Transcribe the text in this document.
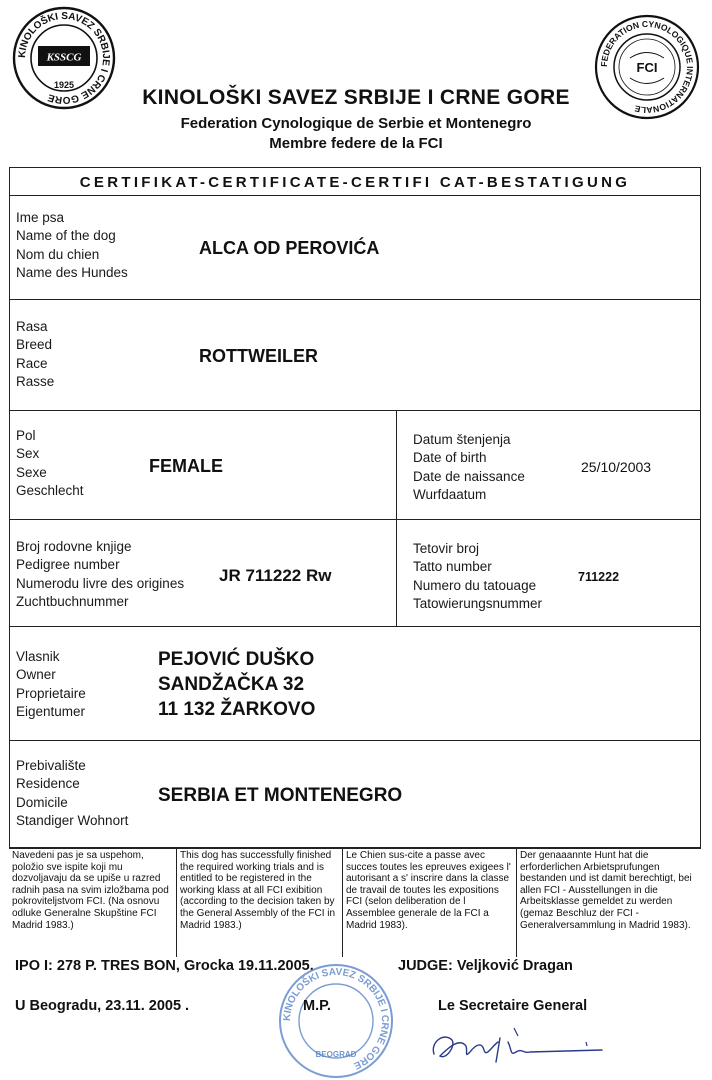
KINOLOŠKI SAVEZ SRBIJE I CRNE GORE
KSSCG
1925
FEDERATION CYNOLOGIQUE INTERNATIONALE
FCI
KINOLOŠKI SAVEZ SRBIJE I CRNE GORE
Federation Cynologique de Serbie et Montenegro
Membre federe de la FCI
CERTIFIKAT-CERTIFICATE-CERTIFI CAT-BESTATIGUNG
Ime psa
Name of the dog
Nom du chien
Name des Hundes
ALCA OD PEROVIĆA
Rasa
Breed
Race
Rasse
ROTTWEILER
Pol
Sex
Sexe
Geschlecht
FEMALE
Datum štenjenja
Date of birth
Date de naissance
Wurfdaatum
25/10/2003
Broj rodovne knjige
Pedigree number
Numerodu livre des origines
Zuchtbuchnummer
JR 711222 Rw
Tetovir broj
Tatto number
Numero du tatouage
Tatowierungsnummer
711222
Vlasnik
Owner
Proprietaire
Eigentumer
PEJOVIĆ DUŠKO
SANDŽAČKA 32
11 132 ŽARKOVO
Prebivalište
Residence
Domicile
Standiger Wohnort
SERBIA ET MONTENEGRO
Navedeni pas je sa uspehom, položio sve ispite koji mu dozvoljavaju da se upiše u razred radnih pasa na svim izložbama pod pokroviteljstvom FCI. (Na osnovu odluke Generalne Skupštine FCI Madrid 1983.)
This dog has successfully finished the required working trials and is entitled to be registered in the working klass at all FCI exibition (according to the decision taken by the General Assembly of the FCI in Madrid 1983.)
Le Chien sus-cite a passe avec succes toutes les epreuves exigees l' autorisant a s' inscrire dans la classe de travail de toutes les expositions FCI (selon deliberation de l Assemblee generale de la FCI a Madrid 1983).
Der genaaannte Hunt hat die erforderlichen Arbietsprufungen bestanden und ist damit berechtigt, bei allen FCI - Ausstellungen in die Arbeitsklasse gemeldet zu werden (gemaz Beschluz der FCI - Generalversammlung in Madrid 1983).
IPO I: 278 P. TRES BON, Grocka 19.11.2005.	JUDGE: Veljković Dragan
KINOLOŠKI SAVEZ SRBIJE I CRNE GORE
BEOGRAD
U Beogradu, 23.11. 2005 .	M.P.	Le Secretaire General
